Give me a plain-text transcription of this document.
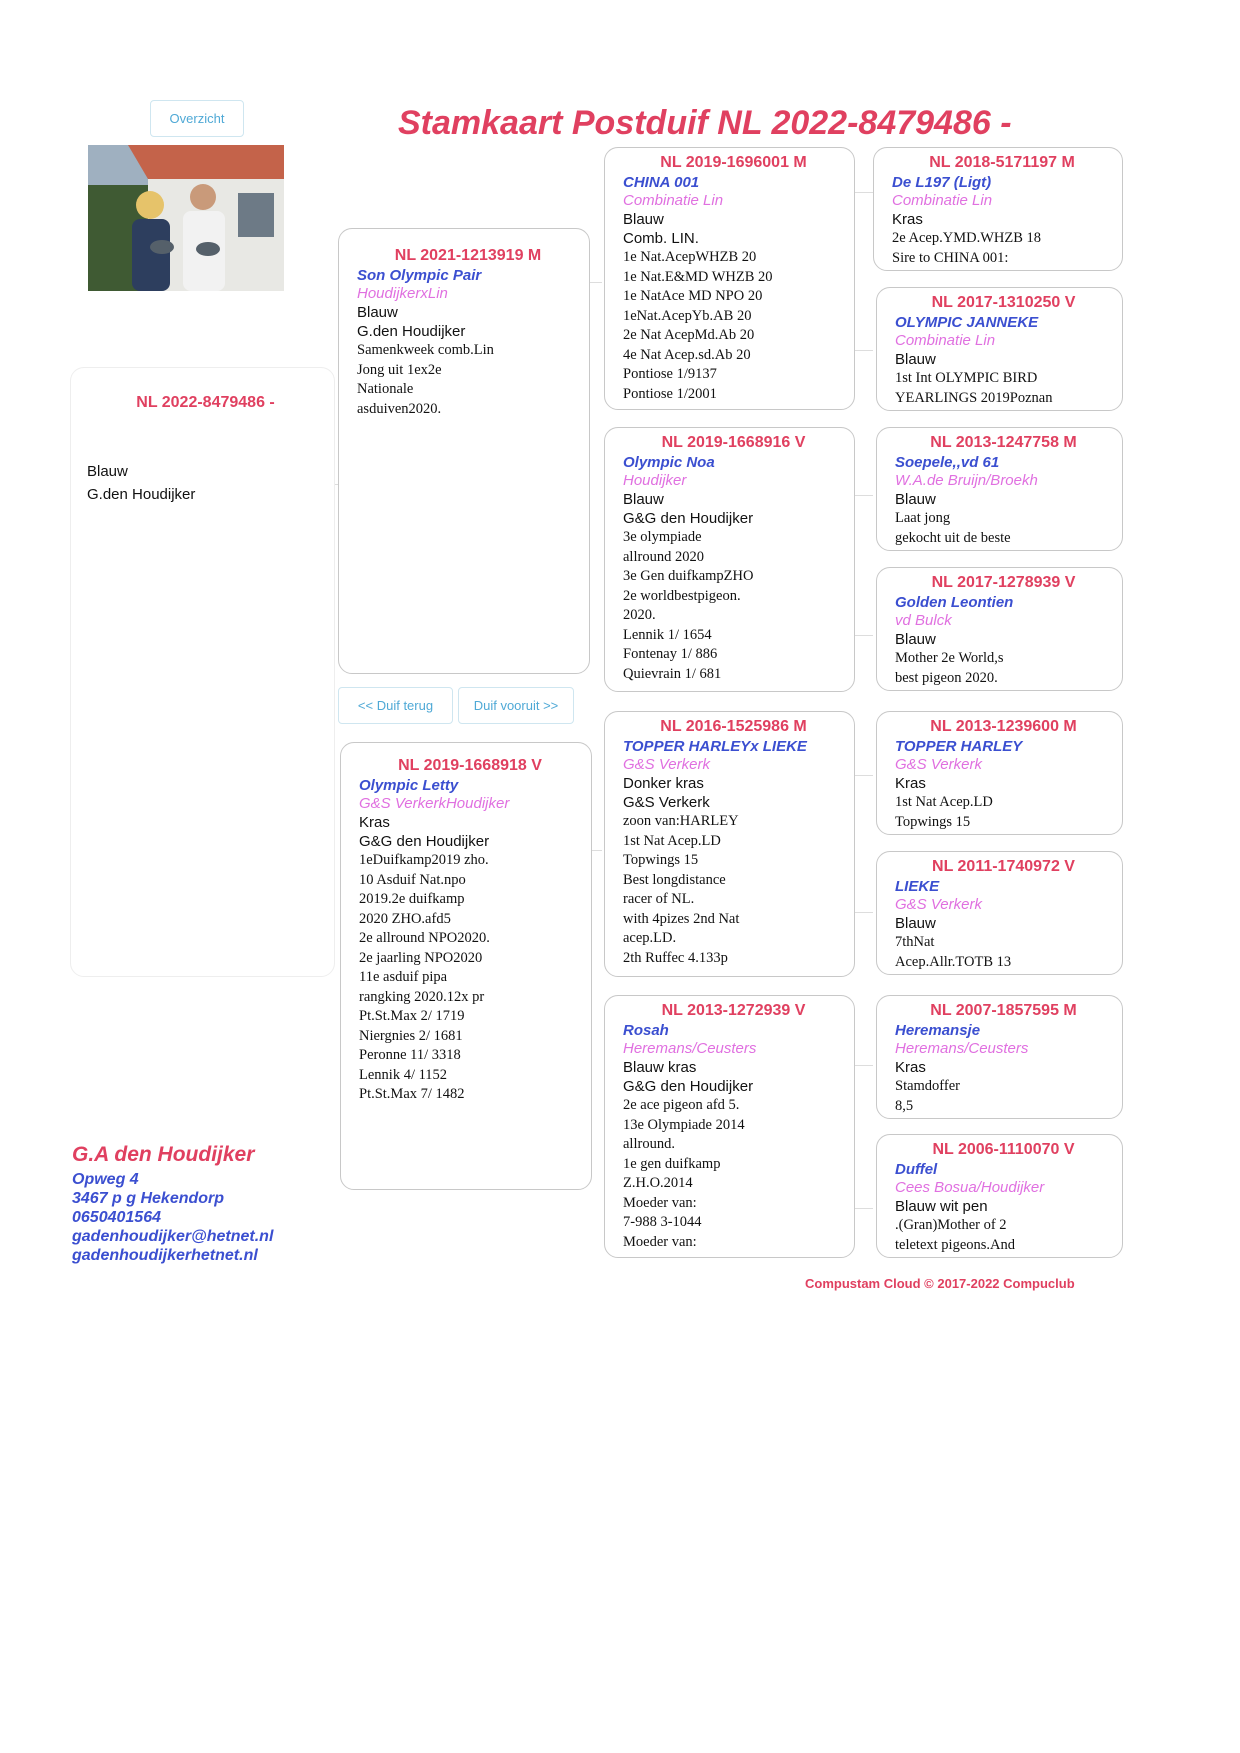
Overzicht	Stamkaart Postduif NL 2022-8479486 -
NL 2022-8479486 -
Blauw
G.den Houdijker
NL 2021-1213919 M
Son Olympic Pair
HoudijkerxLin
Blauw
G.den Houdijker
Samenkweek comb.Lin
Jong uit 1ex2e
Nationale
asduiven2020.
<< Duif terug	Duif vooruit >>
NL 2019-1668918 V
Olympic Letty
G&S VerkerkHoudijker
Kras
G&G den Houdijker
1eDuifkamp2019 zho.
10 Asduif Nat.npo
2019.2e duifkamp
2020 ZHO.afd5
2e allround NPO2020.
2e jaarling NPO2020
11e asduif pipa
rangking 2020.12x pr
Pt.St.Max 2/ 1719
Niergnies 2/ 1681
Peronne 11/ 3318
Lennik 4/ 1152
Pt.St.Max 7/ 1482
NL 2019-1696001 M
CHINA 001
Combinatie Lin
Blauw
Comb. LIN.
1e Nat.AcepWHZB 20
1e Nat.E&MD WHZB 20
1e NatAce MD NPO 20
1eNat.AcepYb.AB 20
2e Nat AcepMd.Ab 20
4e Nat Acep.sd.Ab 20
Pontiose 1/9137
Pontiose 1/2001
NL 2019-1668916 V
Olympic Noa
Houdijker
Blauw
G&G den Houdijker
3e olympiade
allround 2020
3e Gen duifkampZHO
2e worldbestpigeon.
2020.
Lennik 1/ 1654
Fontenay 1/ 886
Quievrain 1/ 681
NL 2016-1525986 M
TOPPER HARLEYx LIEKE
G&S Verkerk
Donker kras
G&S Verkerk
zoon van:HARLEY
1st Nat Acep.LD
Topwings 15
Best longdistance
racer of NL.
with 4pizes 2nd Nat
acep.LD.
2th Ruffec 4.133p
NL 2013-1272939 V
Rosah
Heremans/Ceusters
Blauw kras
G&G den Houdijker
2e ace pigeon afd 5.
13e Olympiade 2014
allround.
1e gen duifkamp
Z.H.O.2014
Moeder van:
7-988 3-1044
Moeder van:
NL 2018-5171197 M
De L197 (Ligt)
Combinatie Lin
Kras
2e Acep.YMD.WHZB 18
Sire to CHINA 001:
NL 2017-1310250 V
OLYMPIC JANNEKE
Combinatie Lin
Blauw
1st Int OLYMPIC BIRD
YEARLINGS 2019Poznan
NL 2013-1247758 M
Soepele,,vd 61
W.A.de Bruijn/Broekh
Blauw
Laat jong
gekocht uit de beste
NL 2017-1278939 V
Golden Leontien
vd Bulck
Blauw
Mother 2e World,s
best pigeon 2020.
NL 2013-1239600 M
TOPPER HARLEY
G&S Verkerk
Kras
1st Nat Acep.LD
Topwings 15
NL 2011-1740972 V
LIEKE
G&S Verkerk
Blauw
7thNat
Acep.Allr.TOTB 13
NL 2007-1857595 M
Heremansje
Heremans/Ceusters
Kras
Stamdoffer
8,5
NL 2006-1110070 V
Duffel
Cees Bosua/Houdijker
Blauw wit pen
.(Gran)Mother of 2
teletext pigeons.And
G.A den Houdijker
Opweg 4
3467 p g Hekendorp
0650401564
gadenhoudijker@hetnet.nl
gadenhoudijkerhetnet.nl
Compustam Cloud © 2017-2022 Compuclub
